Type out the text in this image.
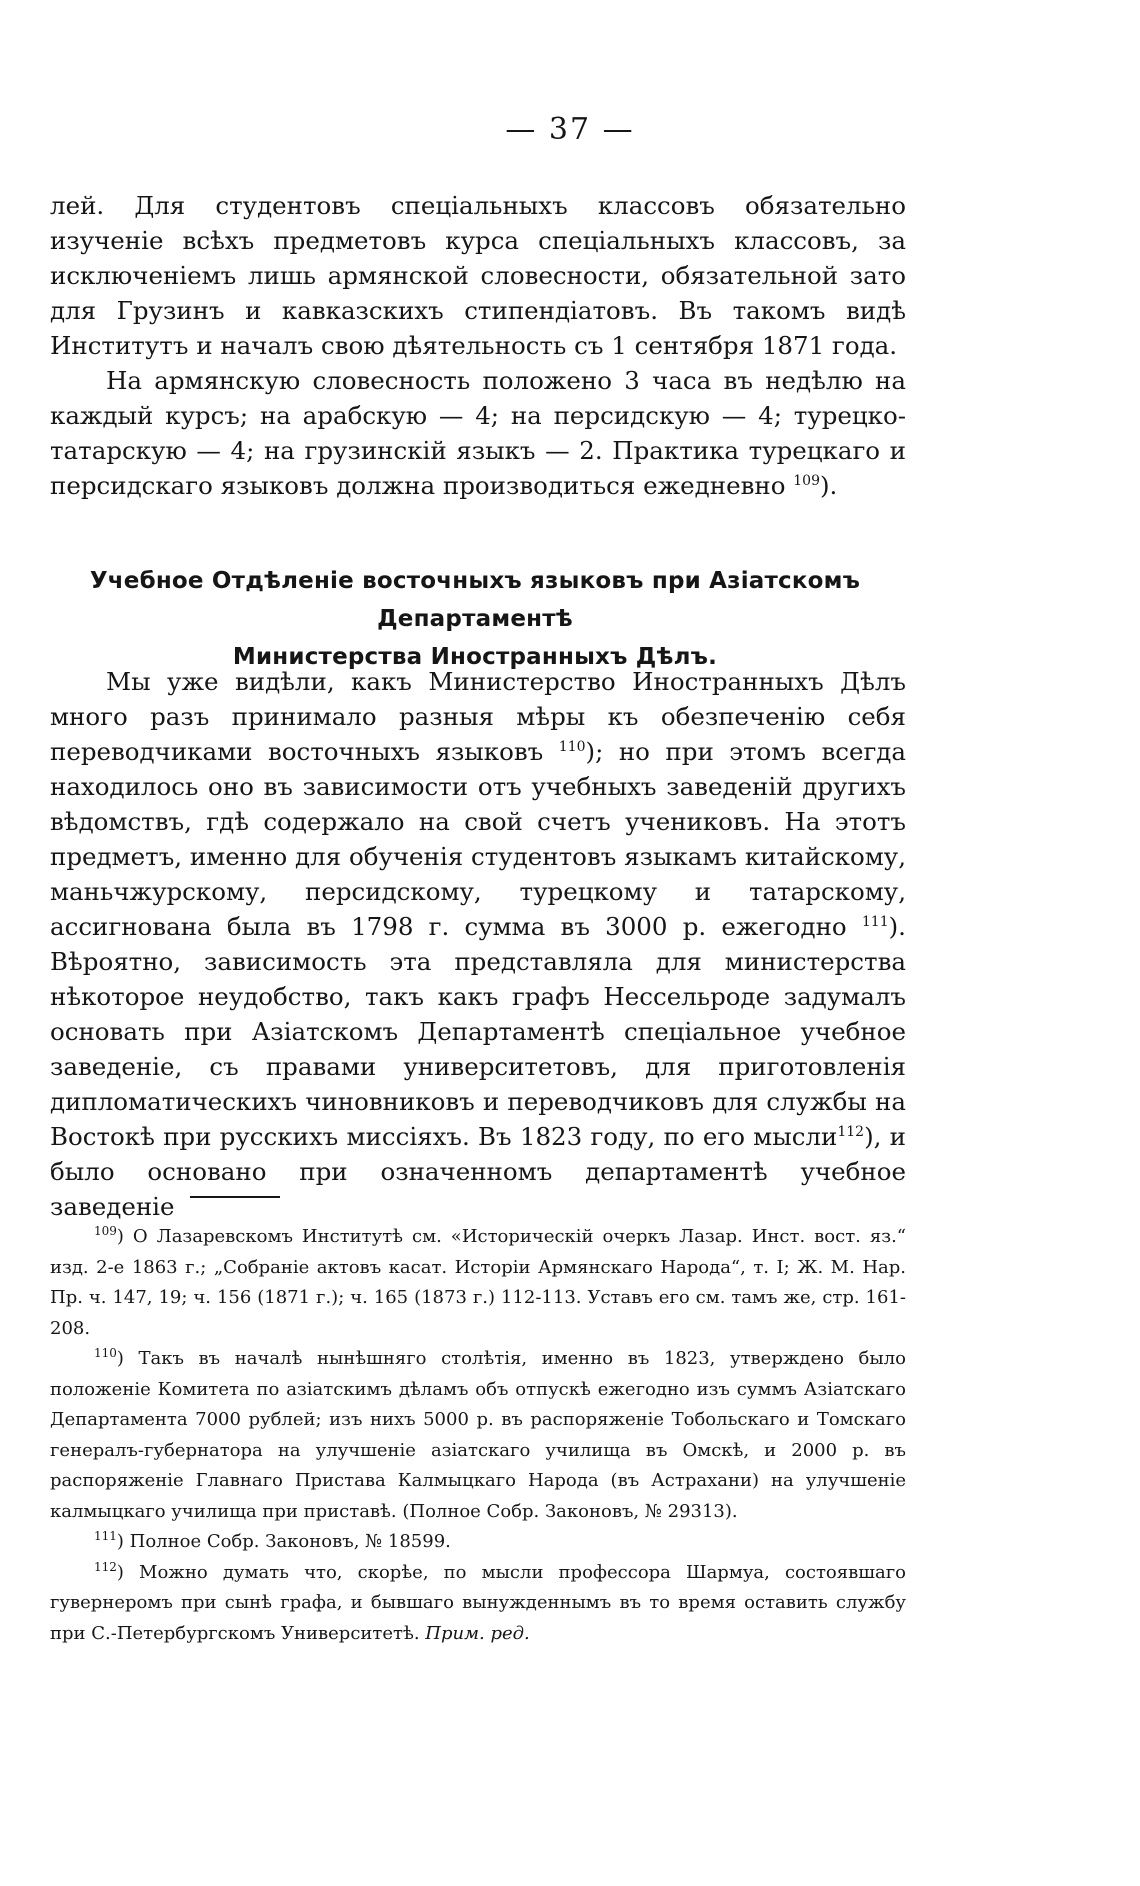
— 37 —

лей. Для студентовъ спеціальныхъ классовъ обязательно изученіе всѣхъ предметовъ курса спеціальныхъ классовъ, за исключеніемъ лишь армянской словесности, обязательной зато для Грузинъ и кавказскихъ стипендіатовъ. Въ такомъ видѣ Институтъ и началъ свою дѣятельность съ 1 сентября 1871 года.

На армянскую словесность положено 3 часа въ недѣлю на каждый курсъ; на арабскую — 4; на персидскую — 4; турецко-татарскую — 4; на грузинскій языкъ — 2. Практика турецкаго и персидскаго языковъ должна производиться ежедневно $^{109}$).

Учебное Отдѣленіе восточныхъ языковъ при Азіатскомъ Департаментѣ
Министерства Иностранныхъ Дѣлъ.

Мы уже видѣли, какъ Министерство Иностранныхъ Дѣлъ много разъ принимало разныя мѣры къ обезпеченію себя переводчиками восточныхъ языковъ $^{110}$); но при этомъ всегда находилось оно въ зависимости отъ учебныхъ заведеній другихъ вѣдомствъ, гдѣ содержало на свой счетъ учениковъ. На этотъ предметъ, именно для обученія студентовъ языкамъ китайскому, маньчжурскому, персидскому, турецкому и татарскому, ассигнована была въ 1798 г. сумма въ 3000 р. ежегодно $^{111}$). Вѣроятно, зависимость эта представляла для министерства нѣкоторое неудобство, такъ какъ графъ Нессельроде задумалъ основать при Азіатскомъ Департаментѣ спеціальное учебное заведеніе, съ правами университетовъ, для приготовленія дипломатическихъ чиновниковъ и переводчиковъ для службы на Востокѣ при русскихъ миссіяхъ. Въ 1823 году, по его мысли$^{112}$), и было основано при означенномъ департаментѣ учебное заведеніе

$^{109}$) О Лазаревскомъ Институтѣ см. «Историческій очеркъ Лазар. Инст. вост. яз.“ изд. 2-е 1863 г.; „Собраніе актовъ касат. Исторіи Армянскаго Народа“, т. I; Ж. М. Нар. Пр. ч. 147, 19; ч. 156 (1871 г.); ч. 165 (1873 г.) 112-113. Уставъ его см. тамъ же, стр. 161-208.

$^{110}$) Такъ въ началѣ нынѣшняго столѣтія, именно въ 1823, утверждено было положеніе Комитета по азіатскимъ дѣламъ объ отпускѣ ежегодно изъ суммъ Азіатскаго Департамента 7000 рублей; изъ нихъ 5000 р. въ распоряженіе Тобольскаго и Томскаго генералъ-губернатора на улучшеніе азіатскаго училища въ Омскѣ, и 2000 р. въ распоряженіе Главнаго Пристава Калмыцкаго Народа (въ Астрахани) на улучшеніе калмыцкаго училища при приставѣ. (Полное Собр. Законовъ, № 29313).

$^{111}$) Полное Собр. Законовъ, № 18599.

$^{112}$) Можно думать что, скорѣе, по мысли профессора Шармуа, состоявшаго гувернеромъ при сынѣ графа, и бывшаго вынужденнымъ въ то время оставить службу при С.-Петербургскомъ Университетѣ. Прим. ред.
